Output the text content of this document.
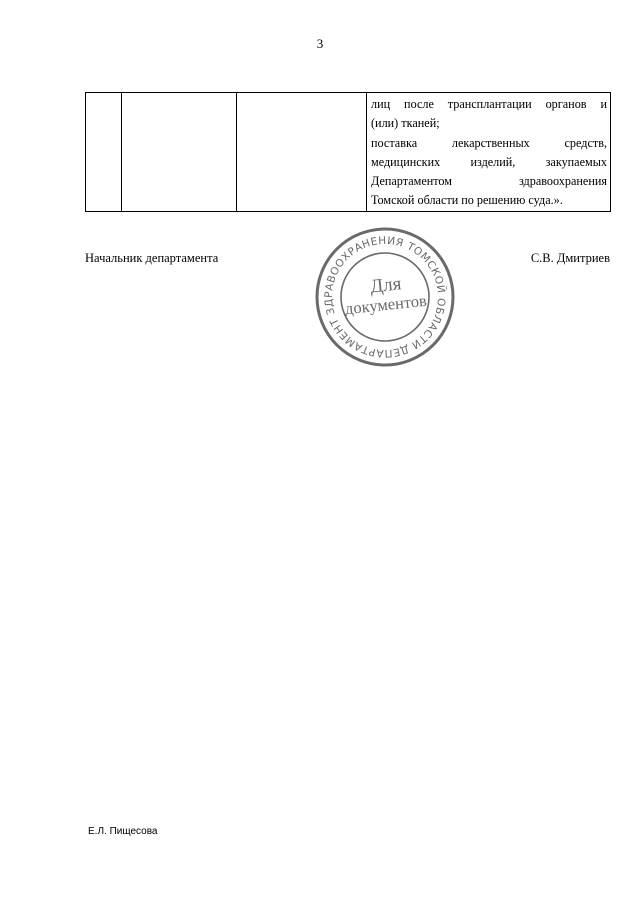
3

лиц после трансплантации органов и
(или) тканей;
поставка лекарственных средств,
медицинских изделий, закупаемых
Департаментом здравоохранения
Томской области по решению суда.».
Начальник департамента	С.В. Дмитриев
ДЕПАРТАМЕНТ ЗДРАВООХРАНЕНИЯ ТОМСКОЙ ОБЛАСТИ
Для
документов
Е.Л. Пищесова
